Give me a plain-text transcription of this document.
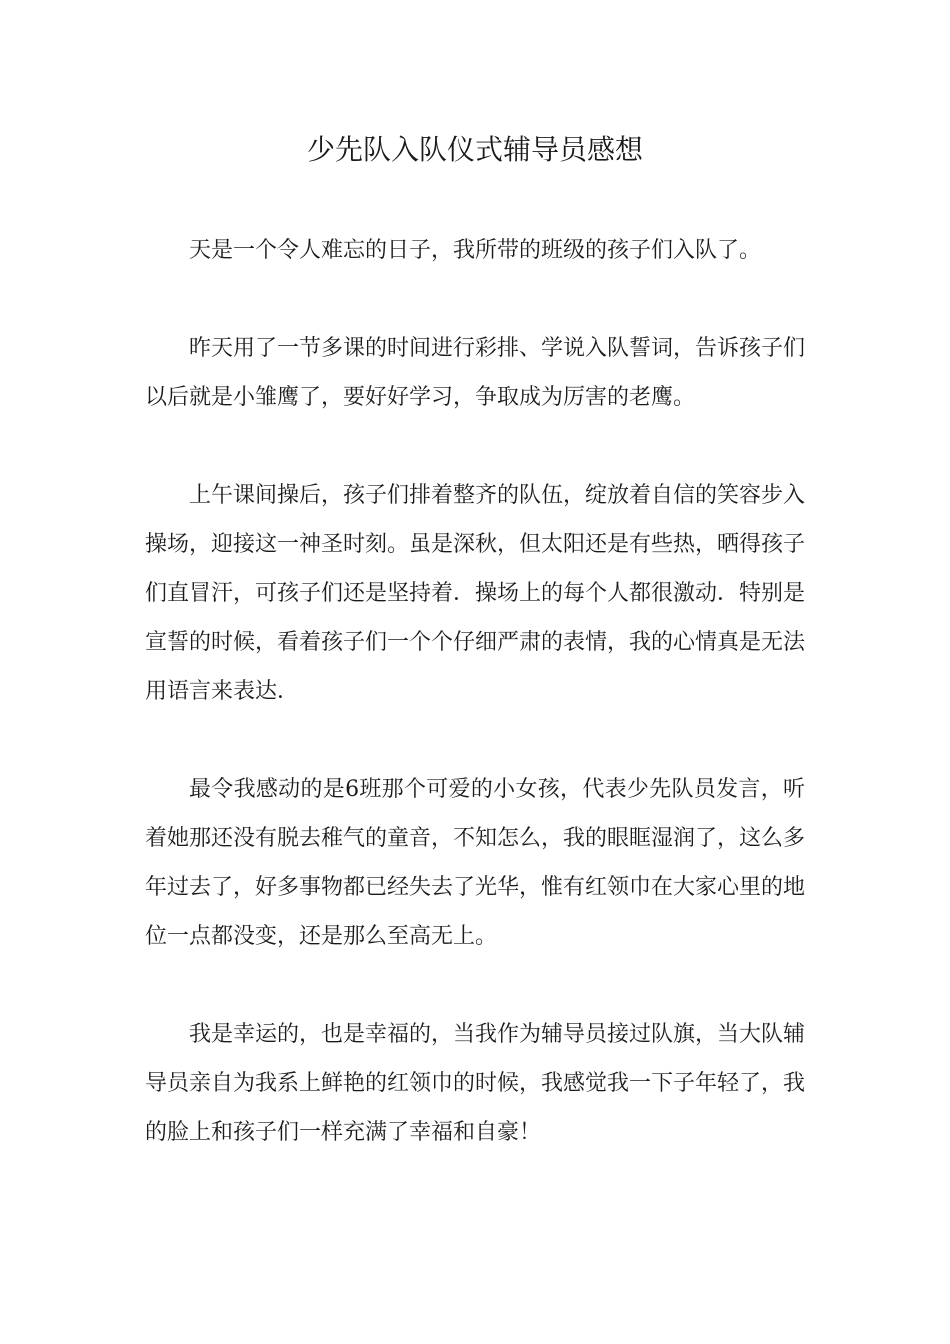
少先队入队仪式辅导员感想

天是一个令人难忘的日子，我所带的班级的孩子们入队了。

昨天用了一节多课的时间进行彩排、学说入队誓词，告诉孩子们以后就是小雏鹰了，要好好学习，争取成为厉害的老鹰。

上午课间操后，孩子们排着整齐的队伍，绽放着自信的笑容步入操场，迎接这一神圣时刻。虽是深秋，但太阳还是有些热，晒得孩子们直冒汗，可孩子们还是坚持着．操场上的每个人都很激动．特别是宣誓的时候，看着孩子们一个个仔细严肃的表情，我的心情真是无法用语言来表达．

最令我感动的是6班那个可爱的小女孩，代表少先队员发言，听着她那还没有脱去稚气的童音，不知怎么，我的眼眶湿润了，这么多年过去了，好多事物都已经失去了光华，惟有红领巾在大家心里的地位一点都没变，还是那么至高无上。

我是幸运的，也是幸福的，当我作为辅导员接过队旗，当大队辅导员亲自为我系上鲜艳的红领巾的时候，我感觉我一下子年轻了，我的脸上和孩子们一样充满了幸福和自豪！
